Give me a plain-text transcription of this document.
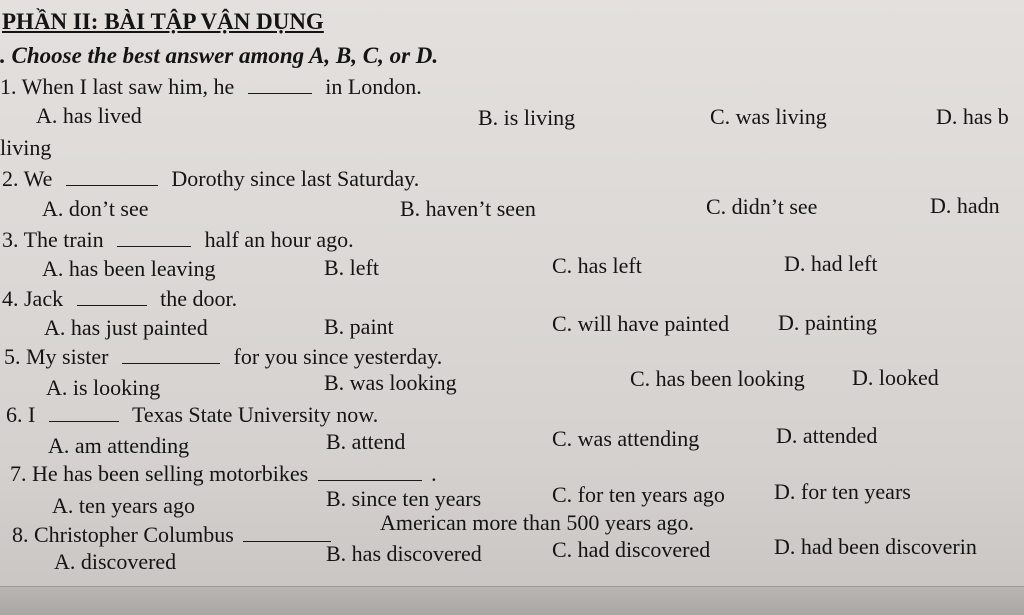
PHẦN II: BÀI TẬP VẬN DỤNG
. Choose the best answer among A, B, C, or D.
1. When I last saw him, he	in London.
A. has lived	B. is living	C. was living	D. has b
living
2. We	Dorothy since last Saturday.
A. don’t see	B. haven’t seen	C. didn’t see	D. hadn
3. The train	half an hour ago.
A. has been leaving	B. left	C. has left	D. had left
4. Jack	the door.
A. has just painted	B. paint	C. will have painted D. painting
5. My sister	for you since yesterday.
A. is looking	B. was looking	C. has been looking D. looked
6. I	Texas State University now.
A. am attending	B. attend	C. was attending	D. attended
7. He has been selling motorbikes	.
A. ten years ago	B. since ten years	C. for ten years ago D. for ten years
8. Christopher Columbus	American more than 500 years ago.
A. discovered	B. has discovered	C. had discovered	D. had been discoverin
